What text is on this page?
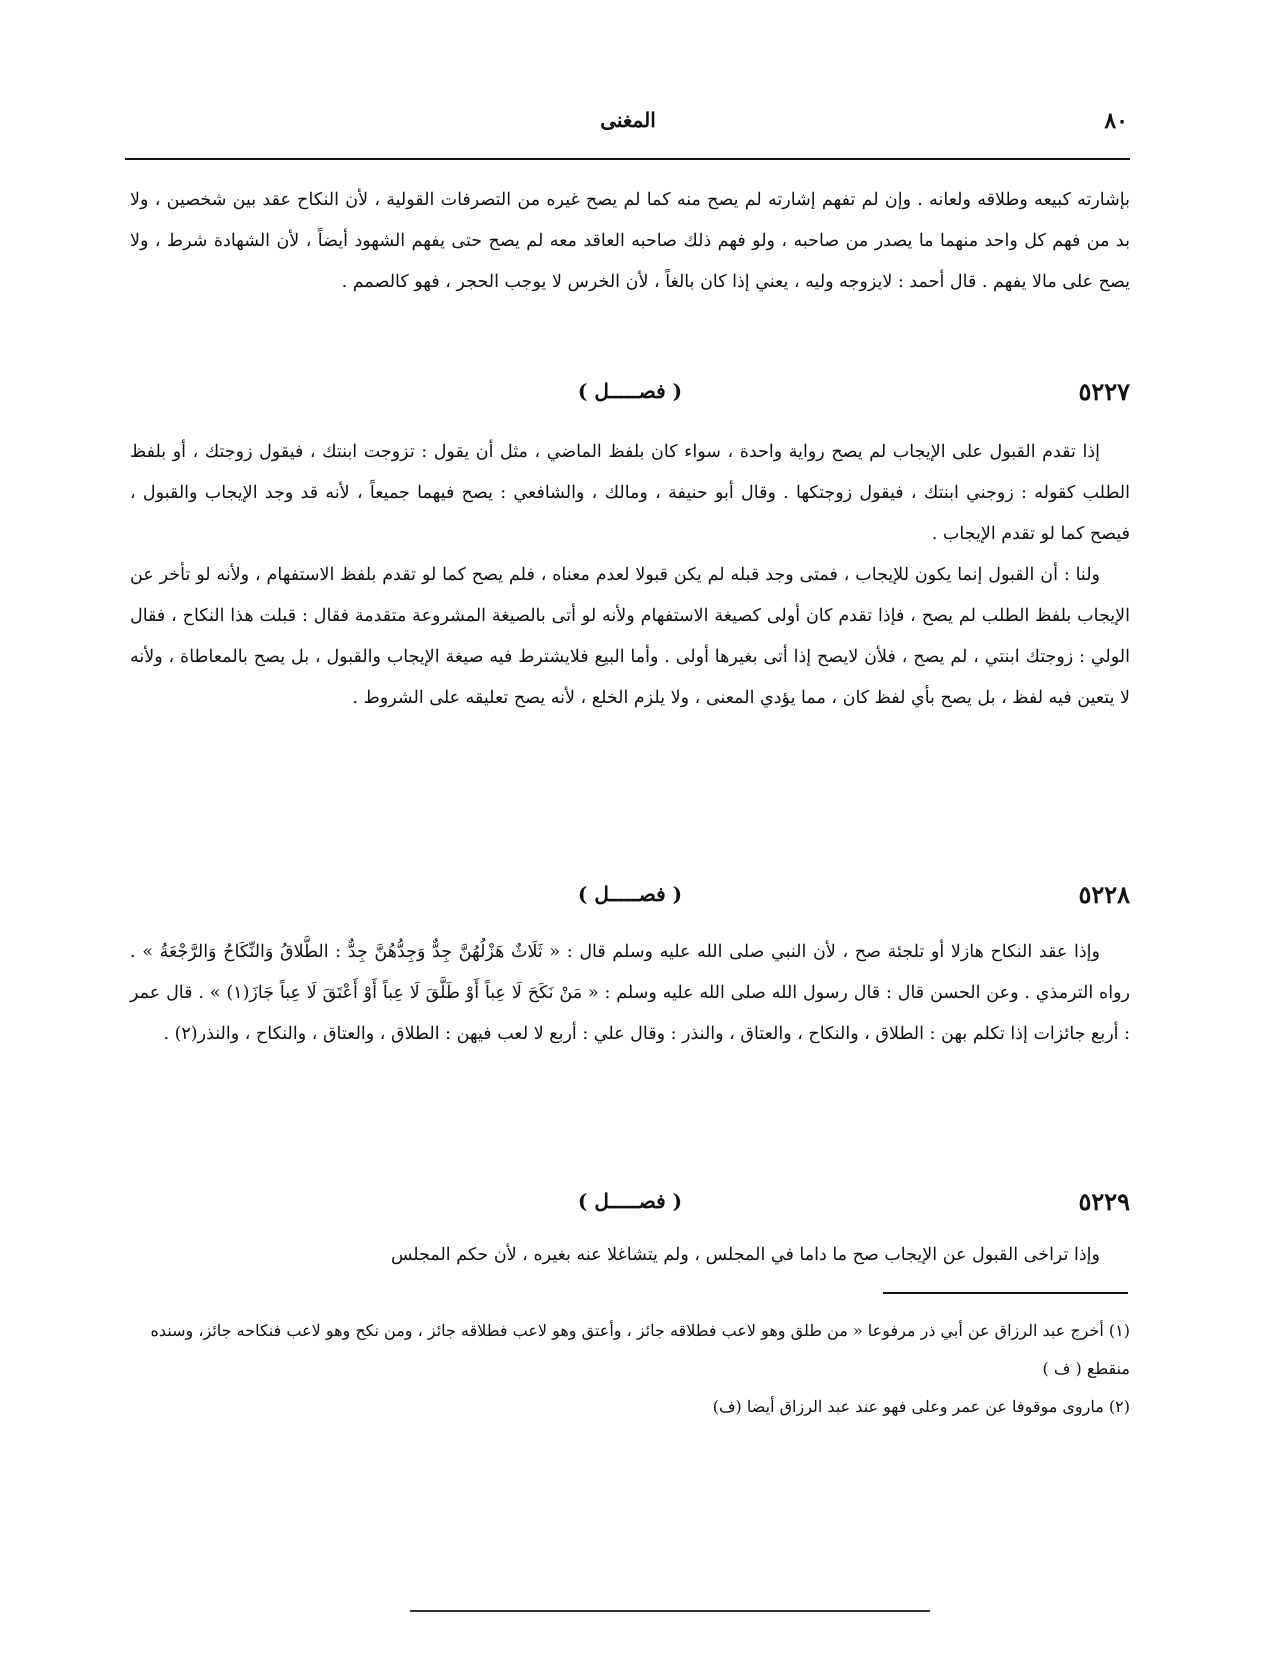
٨٠
المغنى

بإشارته كبيعه وطلاقه ولعانه . وإن لم تفهم إشارته لم يصح منه كما لم يصح غيره من التصرفات القولية ، لأن النكاح عقد بين شخصين ، ولا بد من فهم كل واحد منهما ما يصدر من صاحبه ، ولو فهم ذلك صاحبه العاقد معه لم يصح حتى يفهم الشهود أيضاً ، لأن الشهادة شرط ، ولا يصح على مالا يفهم . قال أحمد : لايزوجه وليه ، يعني إذا كان بالغاً ، لأن الخرس لا يوجب الحجر ، فهو كالصمم .

٥٢٢٧
( فصـــــل )

إذا تقدم القبول على الإيجاب لم يصح رواية واحدة ، سواء كان بلفظ الماضي ، مثل أن يقول : تزوجت ابنتك ، فيقول زوجتك ، أو بلفظ الطلب كقوله : زوجني ابنتك ، فيقول زوجتكها . وقال أبو حنيفة ، ومالك ، والشافعي : يصح فيهما جميعاً ، لأنه قد وجد الإيجاب والقبول ، فيصح كما لو تقدم الإيجاب .

ولنا : أن القبول إنما يكون للإيجاب ، فمتى وجد قبله لم يكن قبولا لعدم معناه ، فلم يصح كما لو تقدم بلفظ الاستفهام ، ولأنه لو تأخر عن الإيجاب بلفظ الطلب لم يصح ، فإذا تقدم كان أولى كصيغة الاستفهام ولأنه لو أتى بالصيغة المشروعة متقدمة فقال : قبلت هذا النكاح ، فقال الولي : زوجتك ابنتي ، لم يصح ، فلأن لايصح إذا أتى بغيرها أولى . وأما البيع فلايشترط فيه صيغة الإيجاب والقبول ، بل يصح بالمعاطاة ، ولأنه لا يتعين فيه لفظ ، بل يصح بأي لفظ كان ، مما يؤدي المعنى ، ولا يلزم الخلع ، لأنه يصح تعليقه على الشروط .

٥٢٢٨
( فصـــــل )

وإذا عقد النكاح هازلا أو تلجئة صح ، لأن النبي صلى الله عليه وسلم قال : « ثَلَاثٌ هَزْلُهُنَّ جِدٌّ وَجِدُّهُنَّ جِدٌّ : الطَّلاقُ وَالنِّكَاحُ وَالرَّجْعَةُ » . رواه الترمذي . وعن الحسن قال : قال رسول الله صلى الله عليه وسلم : « مَنْ نَكَحَ لَا عِباً أَوْ طَلَّقَ لَا عِباً أَوْ أَعْتَقَ لَا عِباً جَازَ(١) » . قال عمر : أربع جائزات إذا تكلم بهن : الطلاق ، والنكاح ، والعتاق ، والنذر : وقال علي : أربع لا لعب فيهن : الطلاق ، والعتاق ، والنكاح ، والنذر(٢) .

٥٢٢٩
( فصـــــل )

وإذا تراخى القبول عن الإيجاب صح ما داما في المجلس ، ولم يتشاغلا عنه بغيره ، لأن حكم المجلس

(١) أخرج عبد الرزاق عن أبي ذر مرفوعا « من طلق وهو لاعب فطلاقه جائز ، وأعتق وهو لاعب فطلاقه جائز ، ومن نكح وهو لاعب فنكاحه جائز، وسنده منقطع ( ف )

(٢) ماروى موقوفا عن عمر وعلى فهو عند عبد الرزاق أيضا (ف)
